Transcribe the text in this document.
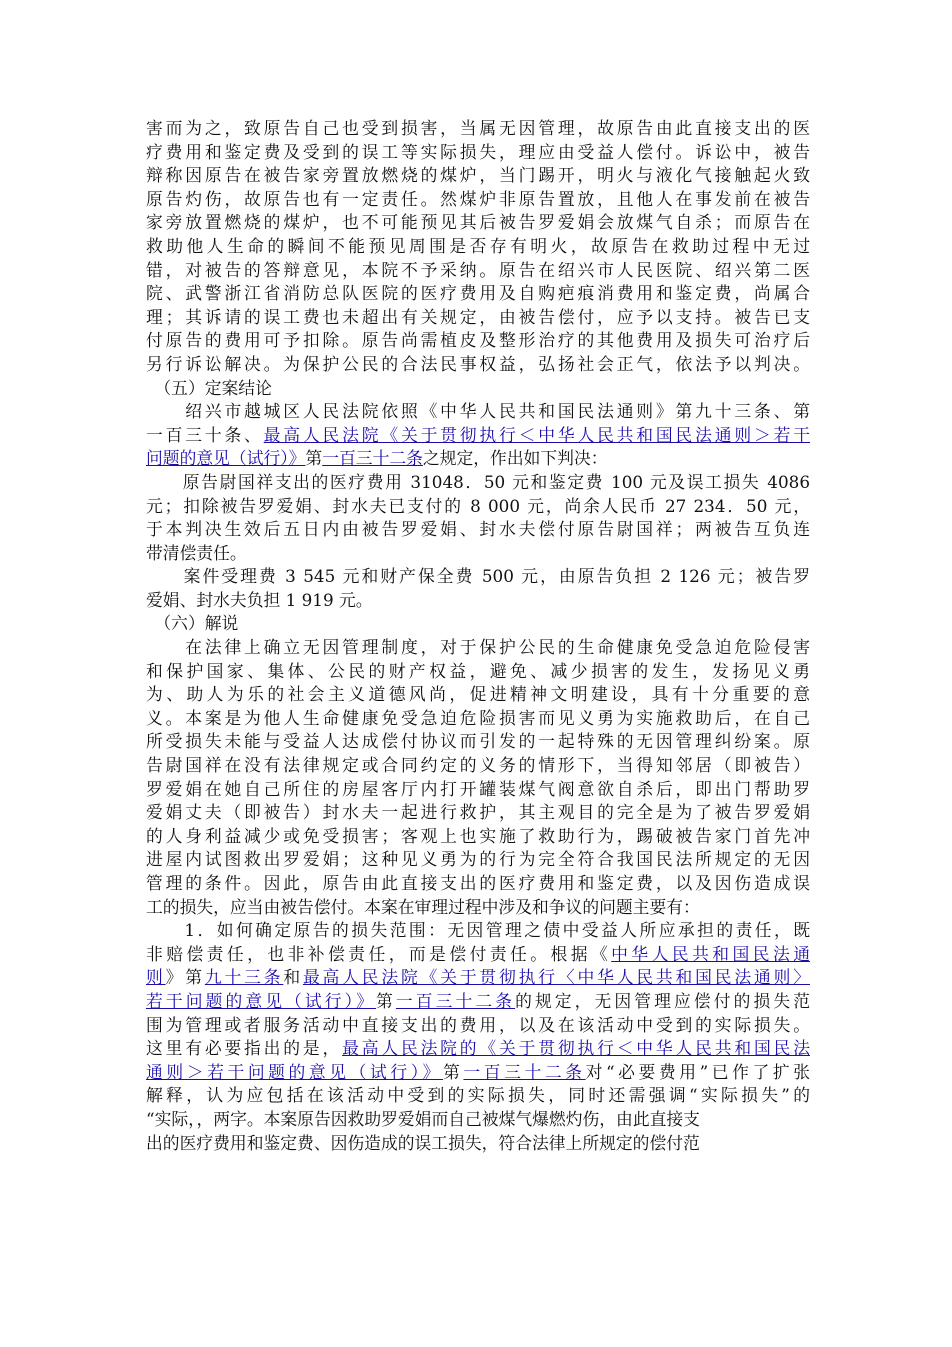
害而为之，致原告自己也受到损害，当属无因管理，故原告由此直接支出的医
疗费用和鉴定费及受到的误工等实际损失，理应由受益人偿付。诉讼中，被告
辩称因原告在被告家旁置放燃烧的煤炉，当门踢开，明火与液化气接触起火致
原告灼伤，故原告也有一定责任。然煤炉非原告置放，且他人在事发前在被告
家旁放置燃烧的煤炉，也不可能预见其后被告罗爱娟会放煤气自杀；而原告在
救助他人生命的瞬间不能预见周围是否存有明火，故原告在救助过程中无过
错，对被告的答辩意见，本院不予采纳。原告在绍兴市人民医院、绍兴第二医
院、武警浙江省消防总队医院的医疗费用及自购疤痕消费用和鉴定费，尚属合
理；其诉请的误工费也未超出有关规定，由被告偿付，应予以支持。被告已支
付原告的费用可予扣除。原告尚需植皮及整形治疗的其他费用及损失可治疗后
另行诉讼解决。为保护公民的合法民事权益，弘扬社会正气，依法予以判决。
　（五）定案结论
　　绍兴市越城区人民法院依照《中华人民共和国民法通则》第九十三条、第
一百三十条、最高人民法院《关于贯彻执行＜中华人民共和国民法通则＞若干
问题的意见（试行）》第一百三十二条之规定，作出如下判决：
　　原告尉国祥支出的医疗费用 31048．50 元和鉴定费 100 元及误工损失 4086
元；扣除被告罗爱娟、封水夫已支付的 8 000 元，尚余人民币 27 234．50 元，
于本判决生效后五日内由被告罗爱娟、封水夫偿付原告尉国祥；两被告互负连
带清偿责任。
　　案件受理费 3 545 元和财产保全费 500 元，由原告负担 2 126 元；被告罗
爱娟、封水夫负担 1 919 元。
　（六）解说
　　在法律上确立无因管理制度，对于保护公民的生命健康免受急迫危险侵害
和保护国家、集体、公民的财产权益，避免、减少损害的发生，发扬见义勇
为、助人为乐的社会主义道德风尚，促进精神文明建设，具有十分重要的意
义。本案是为他人生命健康免受急迫危险损害而见义勇为实施救助后，在自己
所受损失未能与受益人达成偿付协议而引发的一起特殊的无因管理纠纷案。原
告尉国祥在没有法律规定或合同约定的义务的情形下，当得知邻居（即被告）
罗爱娟在她自己所住的房屋客厅内打开罐装煤气阀意欲自杀后，即出门帮助罗
爱娟丈夫（即被告）封水夫一起进行救护，其主观目的完全是为了被告罗爱娟
的人身利益减少或免受损害；客观上也实施了救助行为，踢破被告家门首先冲
进屋内试图救出罗爱娟；这种见义勇为的行为完全符合我国民法所规定的无因
管理的条件。因此，原告由此直接支出的医疗费用和鉴定费，以及因伤造成误
工的损失，应当由被告偿付。本案在审理过程中涉及和争议的问题主要有：
　　1．如何确定原告的损失范围：无因管理之债中受益人所应承担的责任，既
非赔偿责任，也非补偿责任，而是偿付责任。根据《中华人民共和国民法通
则》第九十三条和最高人民法院《关于贯彻执行〈中华人民共和国民法通则〉
若干问题的意见（试行）》第一百三十二条的规定，无因管理应偿付的损失范
围为管理或者服务活动中直接支出的费用，以及在该活动中受到的实际损失。
这里有必要指出的是，最高人民法院的《关于贯彻执行＜中华人民共和国民法
通则＞若干问题的意见（试行）》第一百三十二条对“必要费用”已作了扩张
解释，认为应包括在该活动中受到的实际损失，同时还需强调“实际损失”的
“实际，，两字。本案原告因救助罗爱娟而自己被煤气爆燃灼伤，由此直接支
出的医疗费用和鉴定费、因伤造成的误工损失，符合法律上所规定的偿付范
